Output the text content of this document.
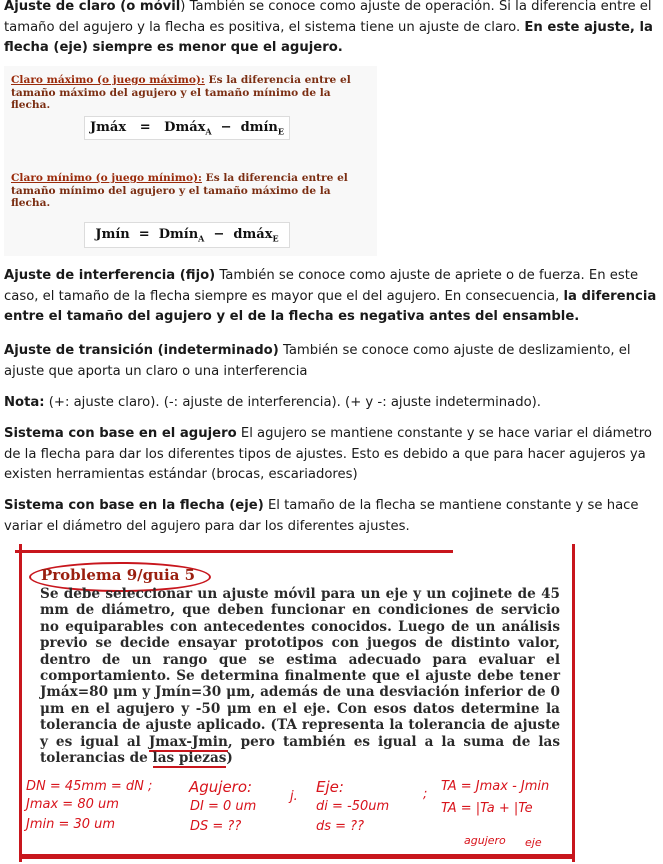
Ajuste de claro (o móvil) También se conoce como ajuste de operación. Si la diferencia entre el tamaño del agujero y la flecha es positiva, el sistema tiene un ajuste de claro. En este ajuste, la flecha (eje) siempre es menor que el agujero.

Claro máximo (o juego máximo): Es la diferencia entre el tamaño máximo del agujero y el tamaño mínimo de la flecha.
Jmáx = Dmáx$_A$ − dmín$_E$
Claro mínimo (o juego mínimo): Es la diferencia entre el tamaño mínimo del agujero y el tamaño máximo de la flecha.
Jmín = Dmín$_A$ − dmáx$_E$

Ajuste de interferencia (fijo) También se conoce como ajuste de apriete o de fuerza. En este caso, el tamaño de la flecha siempre es mayor que el del agujero. En consecuencia, la diferencia entre el tamaño del agujero y el de la flecha es negativa antes del ensamble.

Ajuste de transición (indeterminado) También se conoce como ajuste de deslizamiento, el ajuste que aporta un claro o una interferencia

Nota: (+: ajuste claro). (-: ajuste de interferencia). (+ y -: ajuste indeterminado).

Sistema con base en el agujero El agujero se mantiene constante y se hace variar el diámetro de la flecha para dar los diferentes tipos de ajustes. Esto es debido a que para hacer agujeros ya existen herramientas estándar (brocas, escariadores)

Sistema con base en la flecha (eje) El tamaño de la flecha se mantiene constante y se hace variar el diámetro del agujero para dar los diferentes ajustes.

Problema 9/guia 5
Se debe seleccionar un ajuste móvil para un eje y un cojinete de 45 mm de diámetro, que deben funcionar en condiciones de servicio no equiparables con antecedentes conocidos. Luego de un análisis previo se decide ensayar prototipos con juegos de distinto valor, dentro de un rango que se estima adecuado para evaluar el comportamiento. Se determina finalmente que el ajuste debe tener Jmáx=80 μm y Jmín=30 μm, además de una desviación inferior de 0 μm en el agujero y -50 μm en el eje. Con esos datos determine la tolerancia de ajuste aplicado. (TA representa la tolerancia de ajuste y es igual al Jmax-Jmin, pero también es igual a la suma de las tolerancias de las piezas)
DN = 45mm = dN ;
Jmax = 80 um
Jmin = 30 um
Agujero:
DI = 0 um
DS = ??
j.
Eje:
di = -50um
ds = ??
;
TA = Jmax - Jmin
TA = |Ta + |Te
agujero eje
